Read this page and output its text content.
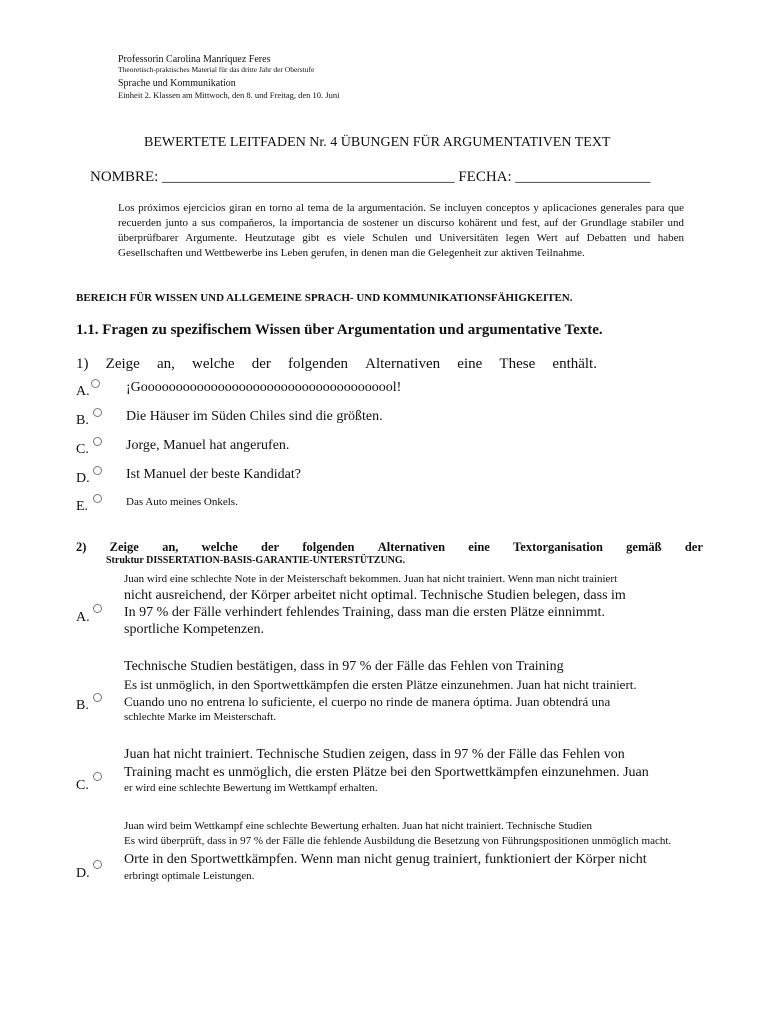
Professorin Carolina Manríquez Feres
Theoretisch-praktisches Material für das dritte Jahr der Oberstufe
Sprache und Kommunikation
Einheit 2. Klassen am Mittwoch, den 8. und Freitag, den 10. Juni
BEWERTETE LEITFADEN Nr. 4 ÜBUNGEN FÜR ARGUMENTATIVEN TEXT
NOMBRE: _______________________________________ FECHA: __________________
Los próximos ejercicios giran en torno al tema de la argumentación. Se incluyen conceptos y aplicaciones generales para que recuerden junto a sus compañeros, la importancia de sostener un discurso kohärent und fest, auf der Grundlage stabiler und überprüfbarer Argumente. Heutzutage gibt es viele Schulen und Universitäten legen Wert auf Debatten und haben Gesellschaften und Wettbewerbe ins Leben gerufen, in denen man die Gelegenheit zur aktiven Teilnahme.
BEREICH FÜR WISSEN UND ALLGEMEINE SPRACH- UND KOMMUNIKATIONSFÄHIGKEITEN.
1.1. Fragen zu spezifischem Wissen über Argumentation und argumentative Texte.
1) Zeige an, welche der folgenden Alternativen eine These enthält.
A.	¡Gooooooooooooooooooooooooooooooooooool!
B.	Die Häuser im Süden Chiles sind die größten.
C.	Jorge, Manuel hat angerufen.
D.	Ist Manuel der beste Kandidat?
E.	Das Auto meines Onkels.
2) Zeige an, welche der folgenden Alternativen eine Textorganisation gemäß der
Struktur DISSERTATION-BASIS-GARANTIE-UNTERSTÜTZUNG.
Juan wird eine schlechte Note in der Meisterschaft bekommen. Juan hat nicht trainiert. Wenn man nicht trainiert
nicht ausreichend, der Körper arbeitet nicht optimal. Technische Studien belegen, dass im
In 97 % der Fälle verhindert fehlendes Training, dass man die ersten Plätze einnimmt.
sportliche Kompetenzen.
A.
Technische Studien bestätigen, dass in 97 % der Fälle das Fehlen von Training
Es ist unmöglich, in den Sportwettkämpfen die ersten Plätze einzunehmen. Juan hat nicht trainiert.
Cuando uno no entrena lo suficiente, el cuerpo no rinde de manera óptima. Juan obtendrá una
schlechte Marke im Meisterschaft.
B.
Juan hat nicht trainiert. Technische Studien zeigen, dass in 97 % der Fälle das Fehlen von
Training macht es unmöglich, die ersten Plätze bei den Sportwettkämpfen einzunehmen. Juan
er wird eine schlechte Bewertung im Wettkampf erhalten.
C.
Juan wird beim Wettkampf eine schlechte Bewertung erhalten. Juan hat nicht trainiert. Technische Studien
Es wird überprüft, dass in 97 % der Fälle die fehlende Ausbildung die Besetzung von Führungspositionen unmöglich macht.
Orte in den Sportwettkämpfen. Wenn man nicht genug trainiert, funktioniert der Körper nicht
erbringt optimale Leistungen.
D.
